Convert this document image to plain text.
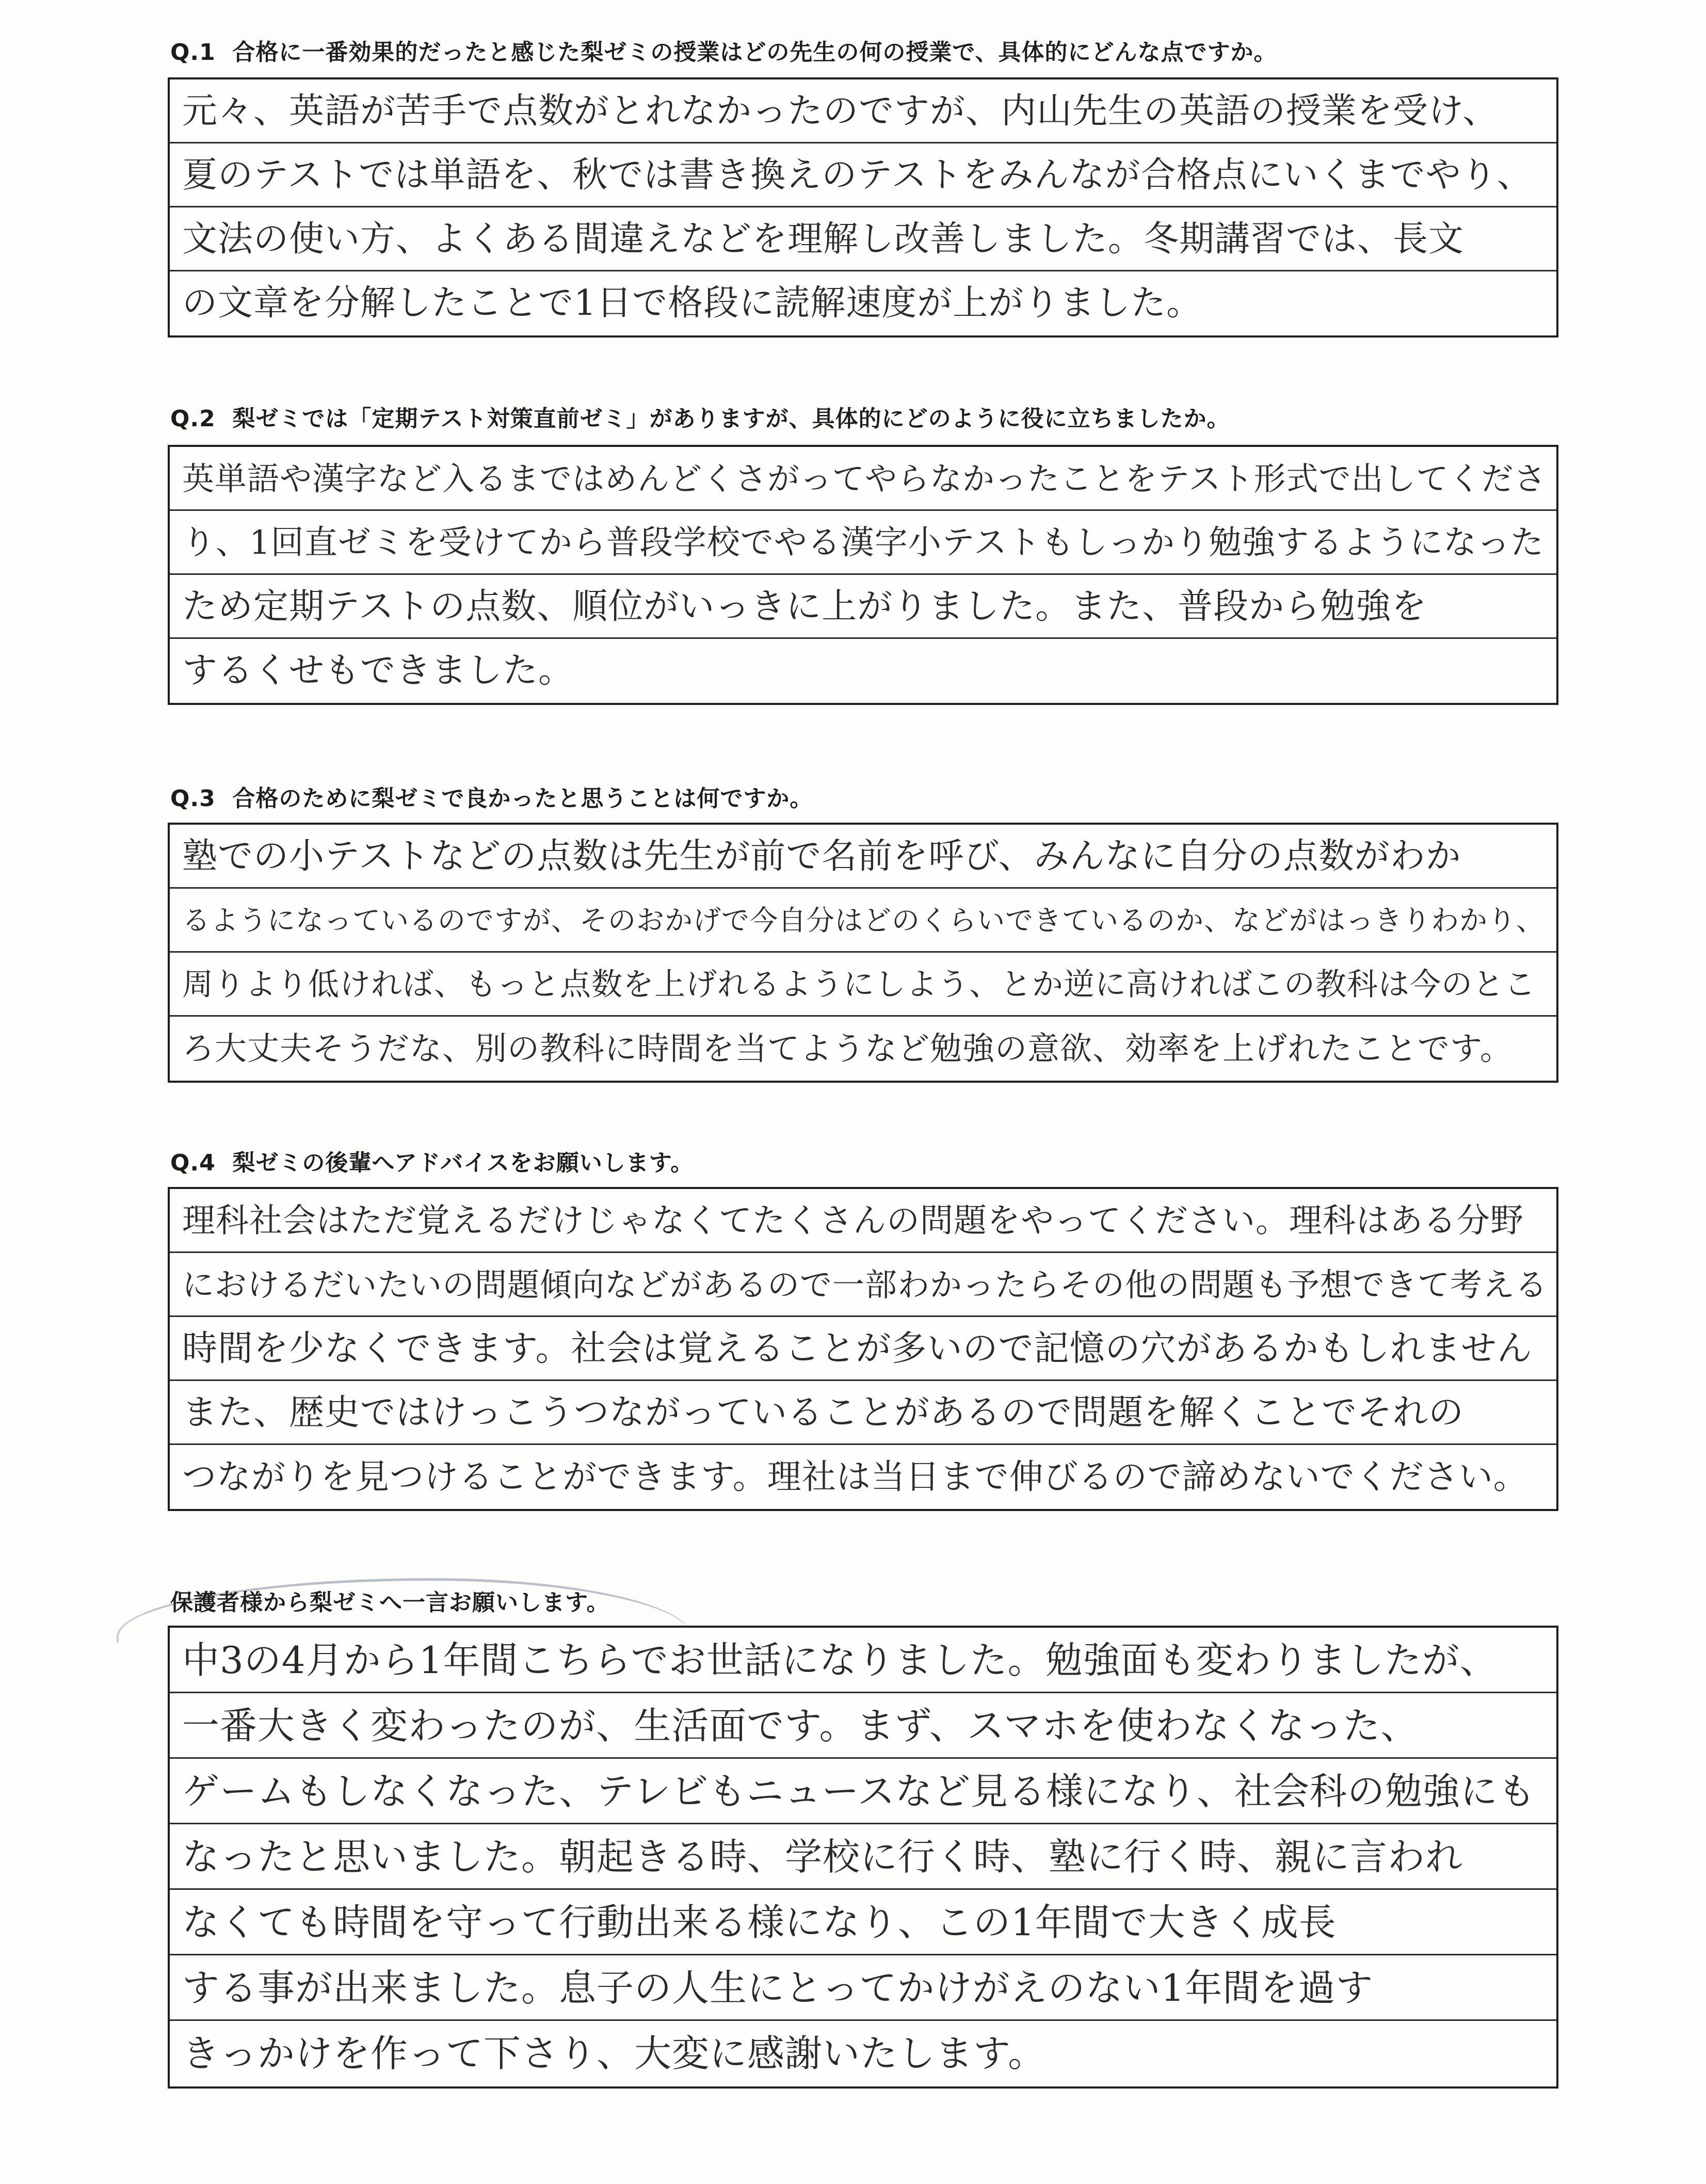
Q.1 合格に一番効果的だったと感じた梨ゼミの授業はどの先生の何の授業で、具体的にどんな点ですか。

元々、英語が苦手で点数がとれなかったのですが、内山先生の英語の授業を受け、
夏のテストでは単語を、秋では書き換えのテストをみんなが合格点にいくまでやり、
文法の使い方、よくある間違えなどを理解し改善しました。冬期講習では、長文
の文章を分解したことで1日で格段に読解速度が上がりました。

Q.2 梨ゼミでは「定期テスト対策直前ゼミ」がありますが、具体的にどのように役に立ちましたか。

英単語や漢字など入るまではめんどくさがってやらなかったことをテスト形式で出してくださ
り、1回直ゼミを受けてから普段学校でやる漢字小テストもしっかり勉強するようになった
ため定期テストの点数、順位がいっきに上がりました。また、普段から勉強を
するくせもできました。

Q.3 合格のために梨ゼミで良かったと思うことは何ですか。

塾での小テストなどの点数は先生が前で名前を呼び、みんなに自分の点数がわか
るようになっているのですが、そのおかげで今自分はどのくらいできているのか、などがはっきりわかり、
周りより低ければ、もっと点数を上げれるようにしよう、とか逆に高ければこの教科は今のとこ
ろ大丈夫そうだな、別の教科に時間を当てようなど勉強の意欲、効率を上げれたことです。

Q.4 梨ゼミの後輩へアドバイスをお願いします。

理科社会はただ覚えるだけじゃなくてたくさんの問題をやってください。理科はある分野
におけるだいたいの問題傾向などがあるので一部わかったらその他の問題も予想できて考える
時間を少なくできます。社会は覚えることが多いので記憶の穴があるかもしれません
また、歴史ではけっこうつながっていることがあるので問題を解くことでそれの
つながりを見つけることができます。理社は当日まで伸びるので諦めないでください。

保護者様から梨ゼミへ一言お願いします。

中3の4月から1年間こちらでお世話になりました。勉強面も変わりましたが、
一番大きく変わったのが、生活面です。まず、スマホを使わなくなった、
ゲームもしなくなった、テレビもニュースなど見る様になり、社会科の勉強にも
なったと思いました。朝起きる時、学校に行く時、塾に行く時、親に言われ
なくても時間を守って行動出来る様になり、この1年間で大きく成長
する事が出来ました。息子の人生にとってかけがえのない1年間を過す
きっかけを作って下さり、大変に感謝いたします。
